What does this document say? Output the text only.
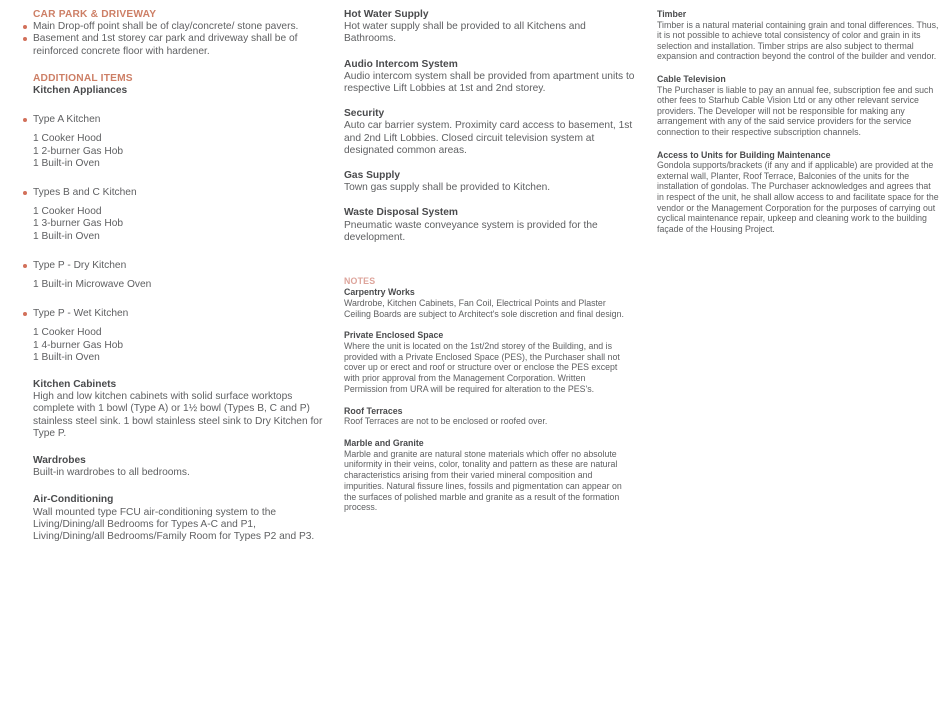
CAR PARK & DRIVEWAY
Main Drop-off point shall be of clay/concrete/ stone pavers.
Basement and 1st storey car park and driveway shall be of reinforced concrete floor with hardener.
ADDITIONAL ITEMS
Kitchen Appliances
Type A Kitchen
1 Cooker Hood
1 2-burner Gas Hob
1 Built-in Oven
Types B and C Kitchen
1 Cooker Hood
1 3-burner Gas Hob
1 Built-in Oven
Type P - Dry Kitchen
1 Built-in Microwave Oven
Type P - Wet Kitchen
1 Cooker Hood
1 4-burner Gas Hob
1 Built-in Oven
Kitchen Cabinets
High and low kitchen cabinets with solid surface worktops complete with 1 bowl (Type A) or 1½ bowl (Types B, C and P) stainless steel sink. 1 bowl stainless steel sink to Dry Kitchen for Type P.
Wardrobes
Built-in wardrobes to all bedrooms.
Air-Conditioning
Wall mounted type FCU air-conditioning system to the Living/Dining/all Bedrooms for Types A-C and P1, Living/Dining/all Bedrooms/Family Room for Types P2 and P3.
Hot Water Supply
Hot water supply shall be provided to all Kitchens and Bathrooms.
Audio Intercom System
Audio intercom system shall be provided from apartment units to respective Lift Lobbies at 1st and 2nd storey.
Security
Auto car barrier system. Proximity card access to basement, 1st and 2nd Lift Lobbies. Closed circuit television system at designated common areas.
Gas Supply
Town gas supply shall be provided to Kitchen.
Waste Disposal System
Pneumatic waste conveyance system is provided for the development.
NOTES
Carpentry Works
Wardrobe, Kitchen Cabinets, Fan Coil, Electrical Points and Plaster Ceiling Boards are subject to Architect's sole discretion and final design.
Private Enclosed Space
Where the unit is located on the 1st/2nd storey of the Building, and is provided with a Private Enclosed Space (PES), the Purchaser shall not cover up or erect and roof or structure over or enclose the PES except with prior approval from the Management Corporation. Written Permission from URA will be required for alteration to the PES's.
Roof Terraces
Roof Terraces are not to be enclosed or roofed over.
Marble and Granite
Marble and granite are natural stone materials which offer no absolute uniformity in their veins, color, tonality and pattern as these are natural characteristics arising from their varied mineral composition and impurities. Natural fissure lines, fossils and pigmentation can appear on the surfaces of polished marble and granite as a result of the formation process.
Timber
Timber is a natural material containing grain and tonal differences. Thus, it is not possible to achieve total consistency of color and grain in its selection and installation. Timber strips are also subject to thermal expansion and contraction beyond the control of the builder and vendor.
Cable Television
The Purchaser is liable to pay an annual fee, subscription fee and such other fees to Starhub Cable Vision Ltd or any other relevant service providers. The Developer will not be responsible for making any arrangement with any of the said service providers for the service connection to their respective subscription channels.
Access to Units for Building Maintenance
Gondola supports/brackets (if any and if applicable) are provided at the external wall, Planter, Roof Terrace, Balconies of the units for the installation of gondolas. The Purchaser acknowledges and agrees that in respect of the unit, he shall allow access to and facilitate space for the vendor or the Management Corporation for the purposes of carrying out cyclical maintenance repair, upkeep and cleaning work to the building façade of the Housing Project.
